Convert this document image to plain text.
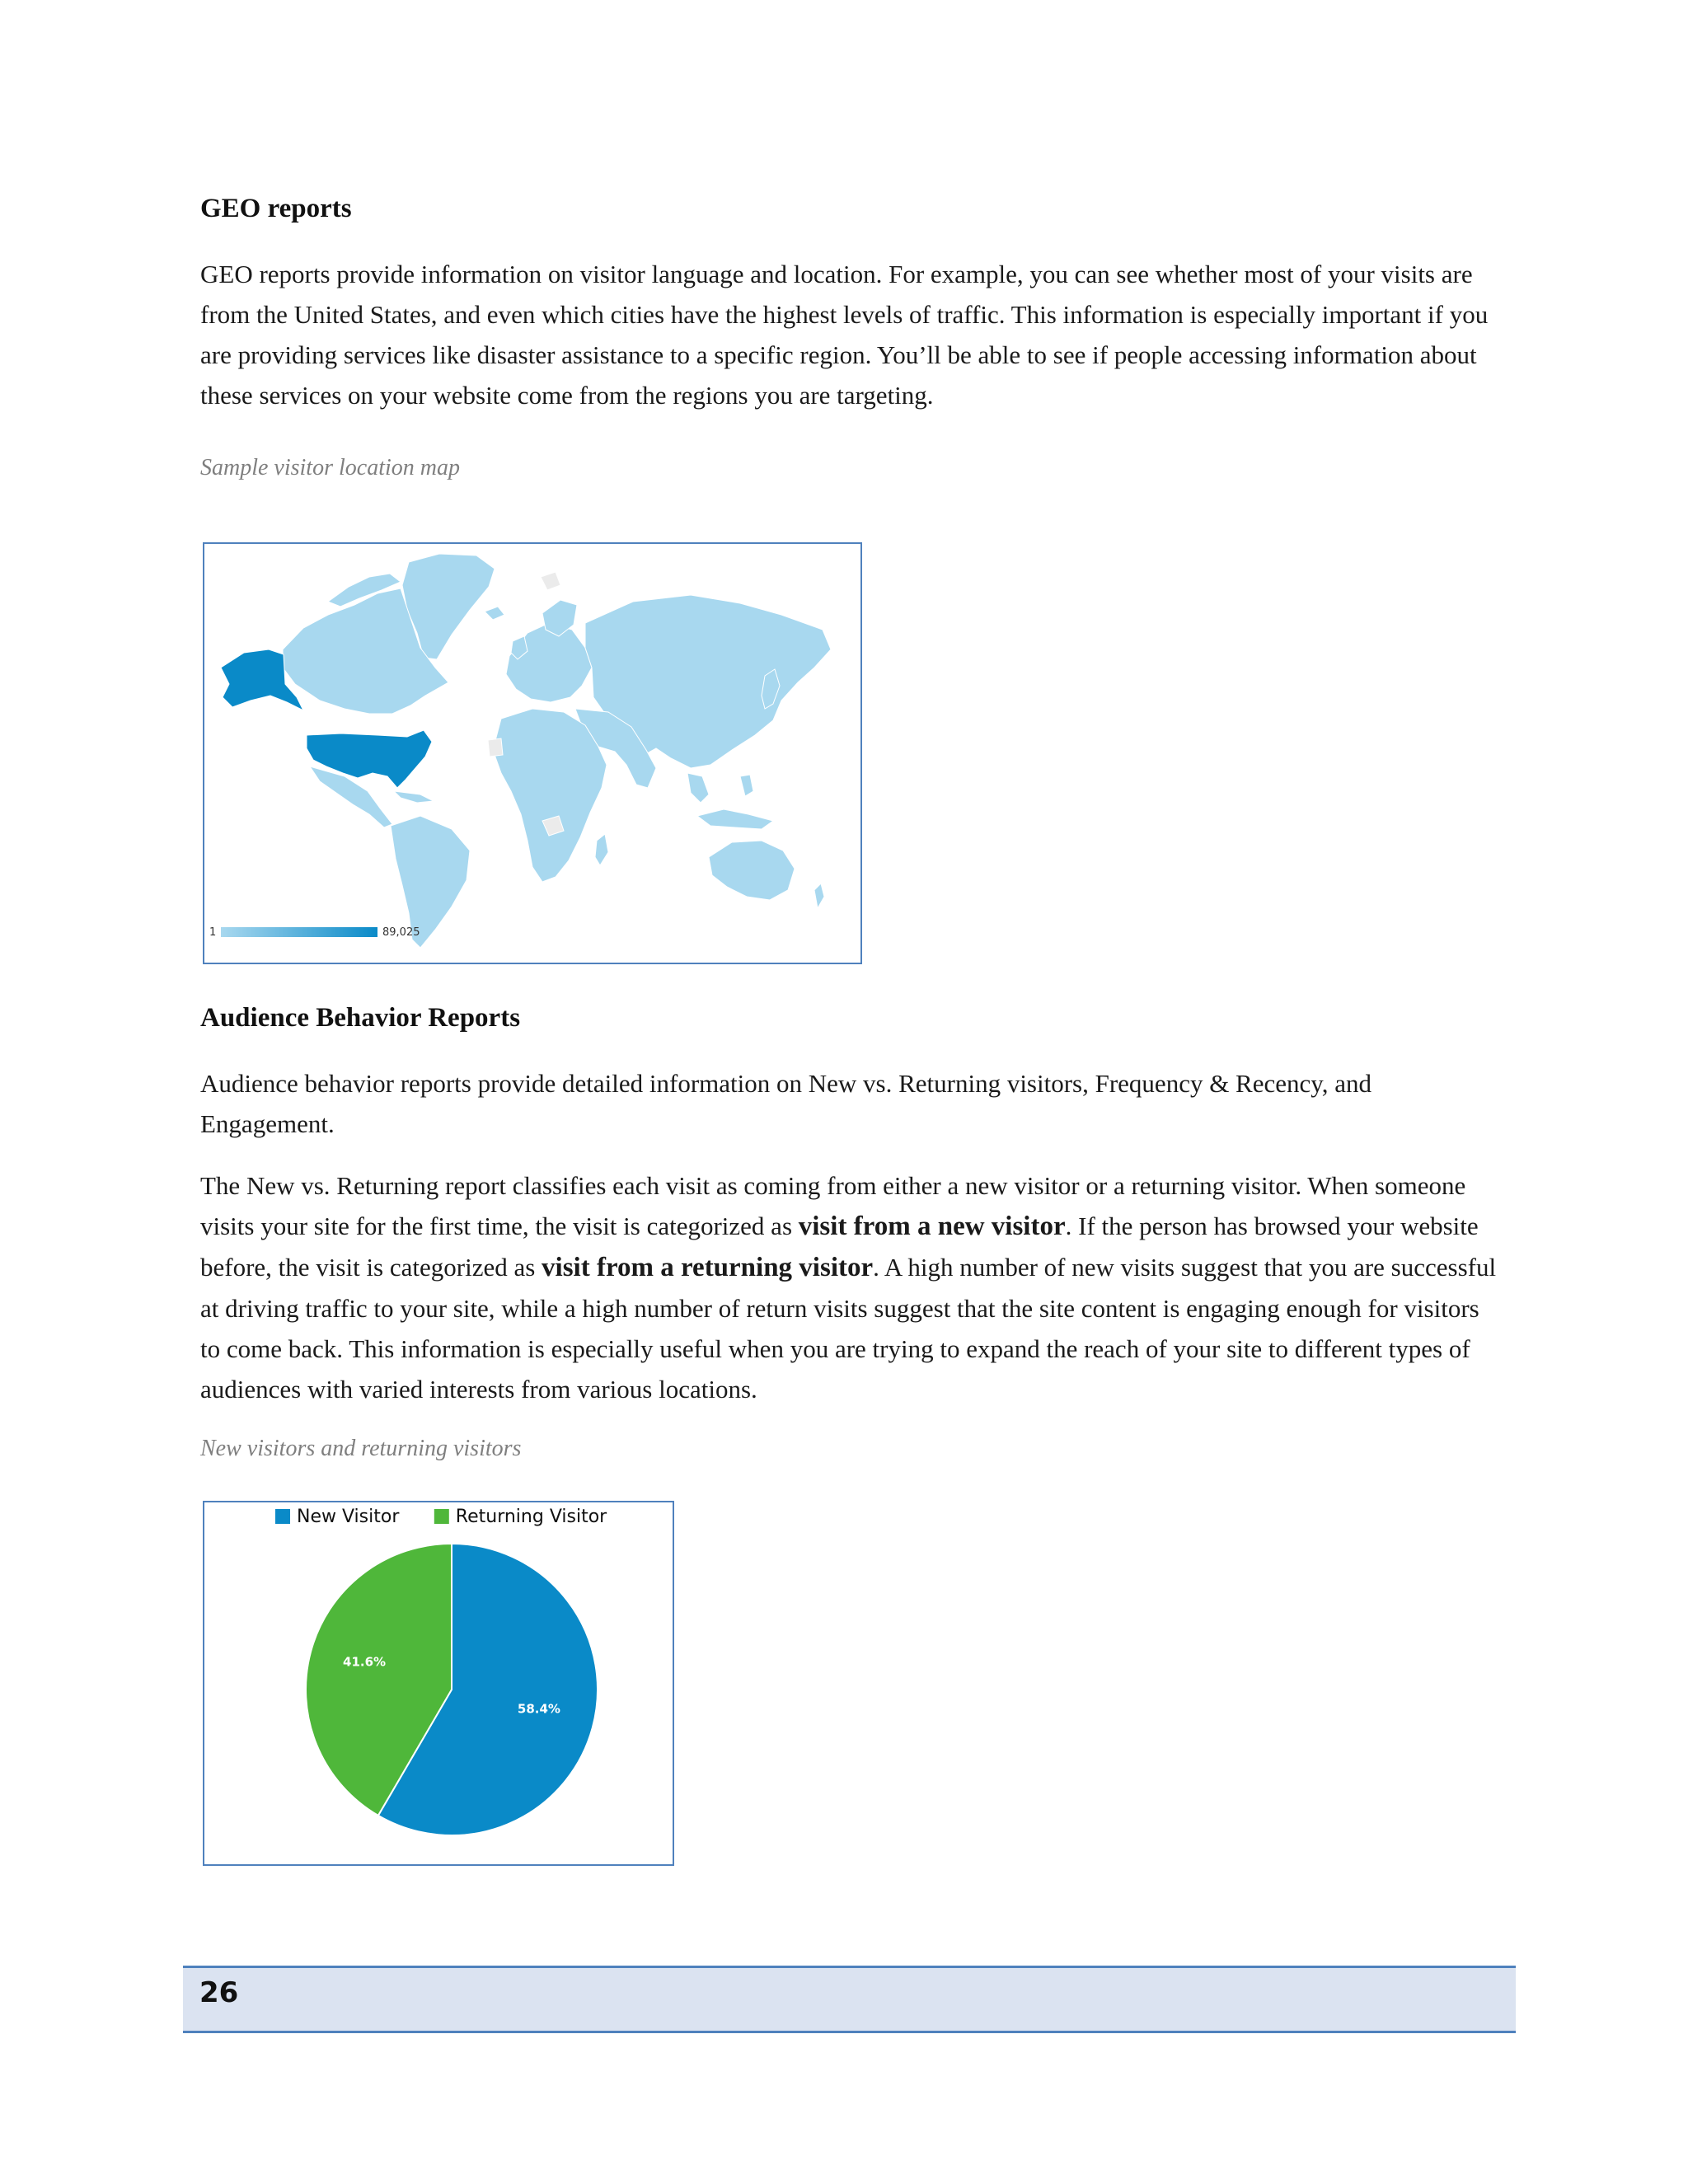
GEO reports

GEO reports provide information on visitor language and location. For example, you can see whether most of your visits are from the United States, and even which cities have the highest levels of traffic. This information is especially important if you are providing services like disaster assistance to a specific region. You’ll be able to see if people accessing information about these services on your website come from the regions you are targeting.

Sample visitor location map

1	89,025
Audience Behavior Reports

Audience behavior reports provide detailed information on New vs. Returning visitors, Frequency & Recency, and Engagement.

The New vs. Returning report classifies each visit as coming from either a new visitor or a returning visitor. When someone visits your site for the first time, the visit is categorized as visit from a new visitor. If the person has browsed your website before, the visit is categorized as visit from a returning visitor. A high number of new visits suggest that you are successful at driving traffic to your site, while a high number of return visits suggest that the site content is engaging enough for visitors to come back. This information is especially useful when you are trying to expand the reach of your site to different types of audiences with varied interests from various locations.

New visitors and returning visitors

New Visitor	Returning Visitor
58.4%
41.6%
26
